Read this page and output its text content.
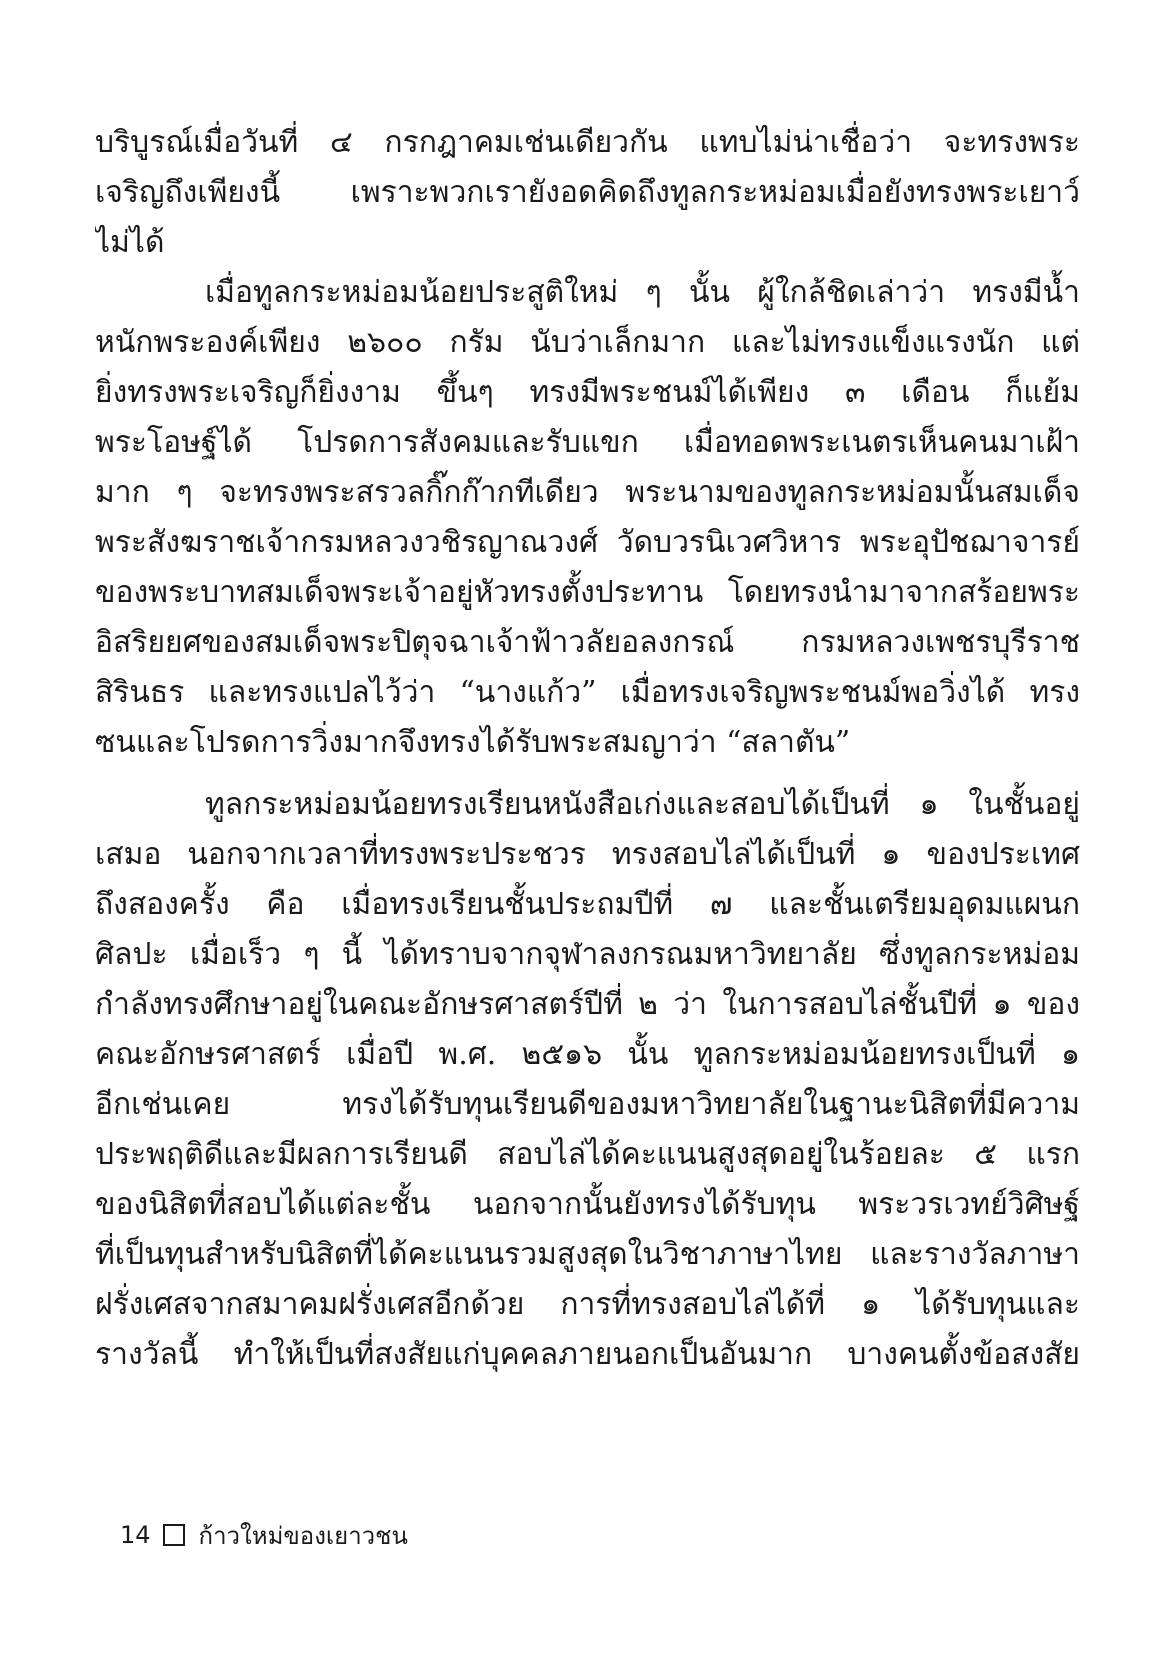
บริบูรณ์เมื่อวันที่ ๔ กรกฎาคมเช่นเดียวกัน แทบไม่น่าเชื่อว่า จะทรงพระ
เจริญถึงเพียงนี้ เพราะพวกเรายังอดคิดถึงทูลกระหม่อมเมื่อยังทรงพระเยาว์
ไม่ได้
เมื่อทูลกระหม่อมน้อยประสูติใหม่ ๆ นั้น ผู้ใกล้ชิดเล่าว่า ทรงมีน้ำ
หนักพระองค์เพียง ๒๖๐๐ กรัม นับว่าเล็กมาก และไม่ทรงแข็งแรงนัก แต่
ยิ่งทรงพระเจริญก็ยิ่งงาม ขึ้นๆ ทรงมีพระชนม์ได้เพียง ๓ เดือน ก็แย้ม
พระโอษฐ์ได้ โปรดการสังคมและรับแขก เมื่อทอดพระเนตรเห็นคนมาเฝ้า
มาก ๆ จะทรงพระสรวลกิ๊กก๊ากทีเดียว พระนามของทูลกระหม่อมนั้นสมเด็จ
พระสังฆราชเจ้ากรมหลวงวชิรญาณวงศ์ วัดบวรนิเวศวิหาร พระอุปัชฌาจารย์
ของพระบาทสมเด็จพระเจ้าอยู่หัวทรงตั้งประทาน โดยทรงนำมาจากสร้อยพระ
อิสริยยศของสมเด็จพระปิตุจฉาเจ้าฟ้าวลัยอลงกรณ์ กรมหลวงเพชรบุรีราช
สิรินธร และทรงแปลไว้ว่า “นางแก้ว” เมื่อทรงเจริญพระชนม์พอวิ่งได้ ทรง
ซนและโปรดการวิ่งมากจึงทรงได้รับพระสมญาว่า “สลาตัน”
ทูลกระหม่อมน้อยทรงเรียนหนังสือเก่งและสอบได้เป็นที่ ๑ ในชั้นอยู่
เสมอ นอกจากเวลาที่ทรงพระประชวร ทรงสอบไล่ได้เป็นที่ ๑ ของประเทศ
ถึงสองครั้ง คือ เมื่อทรงเรียนชั้นประถมปีที่ ๗ และชั้นเตรียมอุดมแผนก
ศิลปะ เมื่อเร็ว ๆ นี้ ได้ทราบจากจุฬาลงกรณมหาวิทยาลัย ซึ่งทูลกระหม่อม
กำลังทรงศึกษาอยู่ในคณะอักษรศาสตร์ปีที่ ๒ ว่า ในการสอบไล่ชั้นปีที่ ๑ ของ
คณะอักษรศาสตร์ เมื่อปี พ.ศ. ๒๕๑๖ นั้น ทูลกระหม่อมน้อยทรงเป็นที่ ๑
อีกเช่นเคย ทรงได้รับทุนเรียนดีของมหาวิทยาลัยในฐานะนิสิตที่มีความ
ประพฤติดีและมีผลการเรียนดี สอบไล่ได้คะแนนสูงสุดอยู่ในร้อยละ ๕ แรก
ของนิสิตที่สอบได้แต่ละชั้น นอกจากนั้นยังทรงได้รับทุน พระวรเวทย์วิศิษฐ์
ที่เป็นทุนสำหรับนิสิตที่ได้คะแนนรวมสูงสุดในวิชาภาษาไทย และรางวัลภาษา
ฝรั่งเศสจากสมาคมฝรั่งเศสอีกด้วย การที่ทรงสอบไล่ได้ที่ ๑ ได้รับทุนและ
รางวัลนี้ ทำให้เป็นที่สงสัยแก่บุคคลภายนอกเป็นอันมาก บางคนตั้งข้อสงสัย
14 ก้าวใหม่ของเยาวชน
